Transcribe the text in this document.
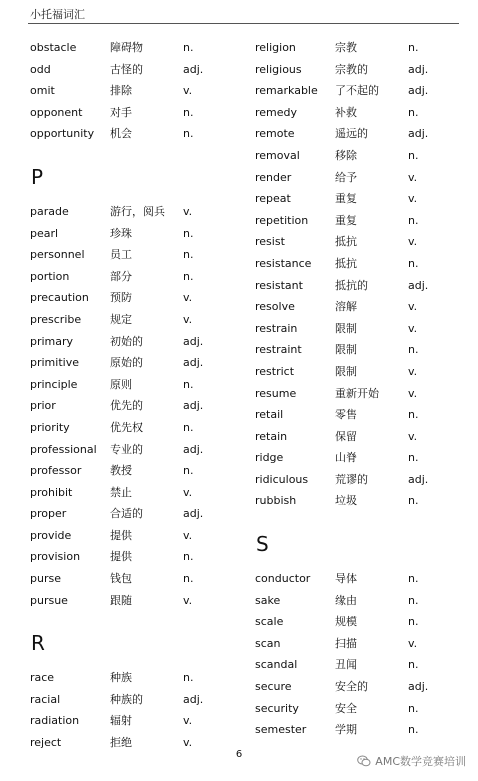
小托福词汇
obstacle	障碍物	n.
odd	古怪的	adj.
omit	排除	v.
opponent	对手	n.
opportunity 机会	n.
P
parade	游行，阅兵 v.
pearl	珍珠	n.
personnel 员工	n.
portion	部分	n.
precaution 预防	v.
prescribe	规定	v.
primary	初始的	adj.
primitive	原始的	adj.
principle	原则	n.
prior	优先的	adj.
priority	优先权	n.
professional 专业的	adj.
professor	教授	n.
prohibit	禁止	v.
proper	合适的	adj.
provide	提供	v.
provision	提供	n.
purse	钱包	n.
pursue	跟随	v.
R
race	种族	n.
racial	种族的	adj.
radiation	辐射	v.
reject	拒绝	v.
religion	宗教	n.
religious	宗教的	adj.
remarkable 了不起的	adj.
remedy	补救	n.
remote	遥远的	adj.
removal	移除	n.
render	给予	v.
repeat	重复	v.
repetition 重复	n.
resist	抵抗	v.
resistance 抵抗	n.
resistant	抵抗的	adj.
resolve	溶解	v.
restrain	限制	v.
restraint	限制	n.
restrict	限制	v.
resume	重新开始	v.
retail	零售	n.
retain	保留	v.
ridge	山脊	n.
ridiculous 荒谬的	adj.
rubbish	垃圾	n.
S
conductor 导体	n.
sake	缘由	n.
scale	规模	n.
scan	扫描	v.
scandal	丑闻	n.
secure	安全的	adj.
security	安全	n.
semester	学期	n.
6
AMC数学竞赛培训
